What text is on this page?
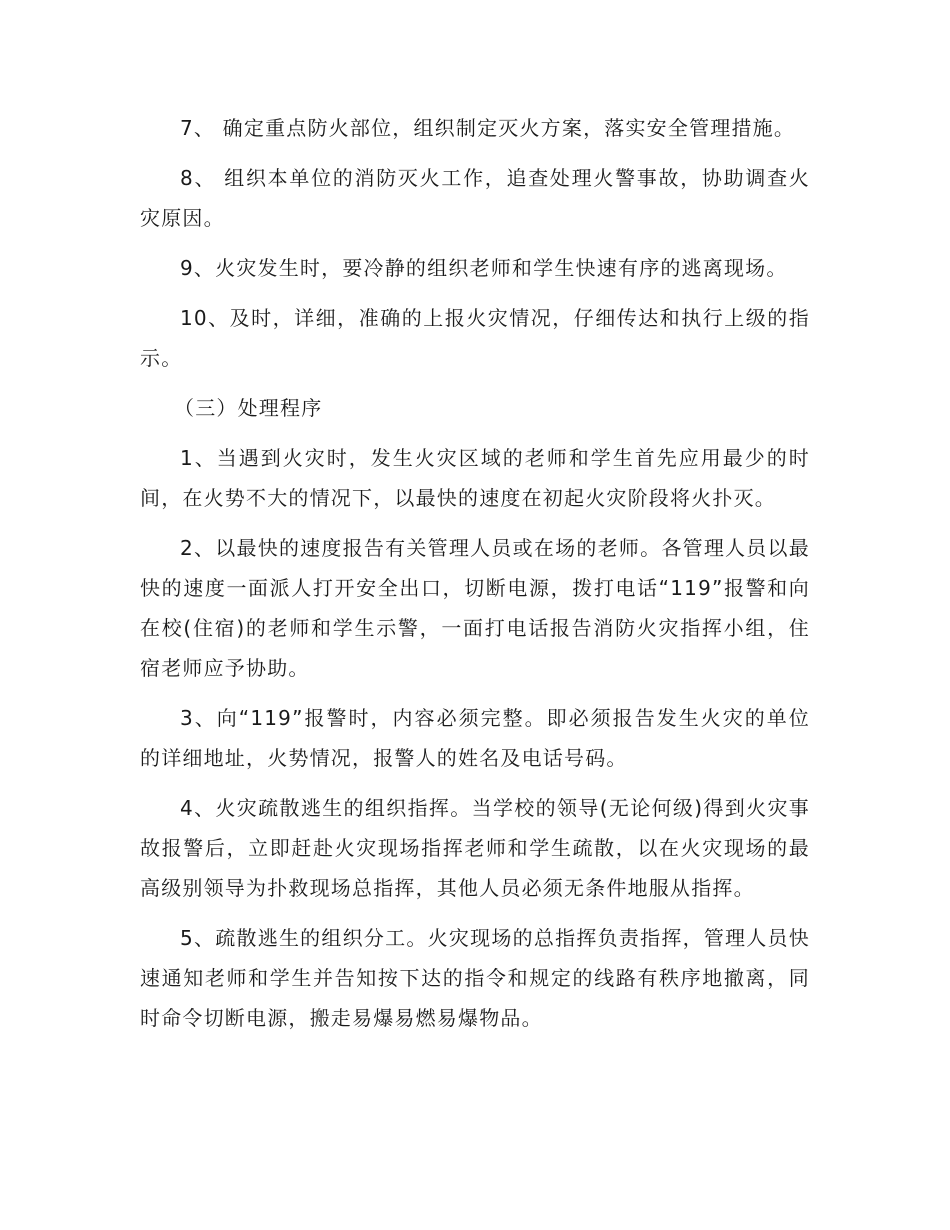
7、 确定重点防火部位，组织制定灭火方案，落实安全管理措施。

8、 组织本单位的消防灭火工作，追查处理火警事故，协助调查火灾原因。

9、火灾发生时，要冷静的组织老师和学生快速有序的逃离现场。

10、及时，详细，准确的上报火灾情况，仔细传达和执行上级的指示。

（三）处理程序

1、当遇到火灾时，发生火灾区域的老师和学生首先应用最少的时间，在火势不大的情况下，以最快的速度在初起火灾阶段将火扑灭。

2、以最快的速度报告有关管理人员或在场的老师。各管理人员以最快的速度一面派人打开安全出口，切断电源，拨打电话“119”报警和向在校(住宿)的老师和学生示警，一面打电话报告消防火灾指挥小组，住宿老师应予协助。

3、向“119”报警时，内容必须完整。即必须报告发生火灾的单位的详细地址，火势情况，报警人的姓名及电话号码。

4、火灾疏散逃生的组织指挥。当学校的领导(无论何级)得到火灾事故报警后，立即赶赴火灾现场指挥老师和学生疏散，以在火灾现场的最高级别领导为扑救现场总指挥，其他人员必须无条件地服从指挥。

5、疏散逃生的组织分工。火灾现场的总指挥负责指挥，管理人员快速通知老师和学生并告知按下达的指令和规定的线路有秩序地撤离，同时命令切断电源，搬走易爆易燃易爆物品。
